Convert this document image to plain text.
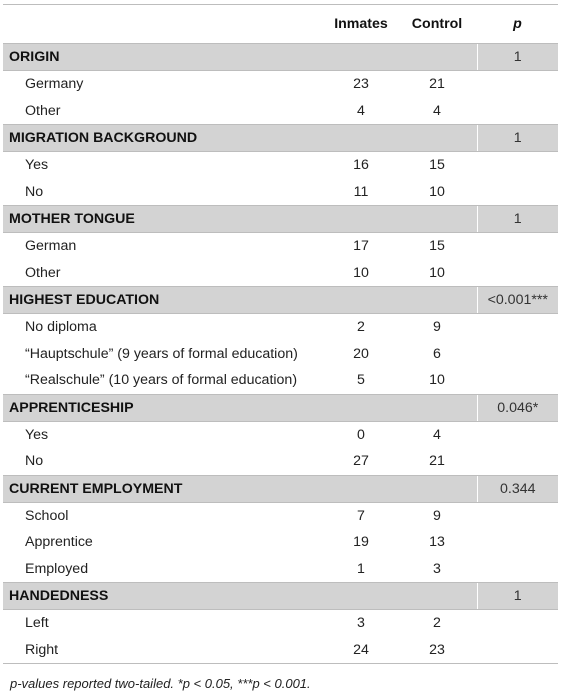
	Inmates	Control	p
ORIGIN			1
Germany	23	21	
Other	4	4	
MIGRATION BACKGROUND			1
Yes	16	15	
No	11	10	
MOTHER TONGUE			1
German	17	15	
Other	10	10	
HIGHEST EDUCATION			<0.001***
No diploma	2	9	
“Hauptschule” (9 years of formal education)	20	6	
“Realschule” (10 years of formal education)	5	10	
APPRENTICESHIP			0.046*
Yes	0	4	
No	27	21	
CURRENT EMPLOYMENT			0.344
School	7	9	
Apprentice	19	13	
Employed	1	3	
HANDEDNESS			1
Left	3	2	
Right	24	23	
p-values reported two-tailed. *p < 0.05, ***p < 0.001.
